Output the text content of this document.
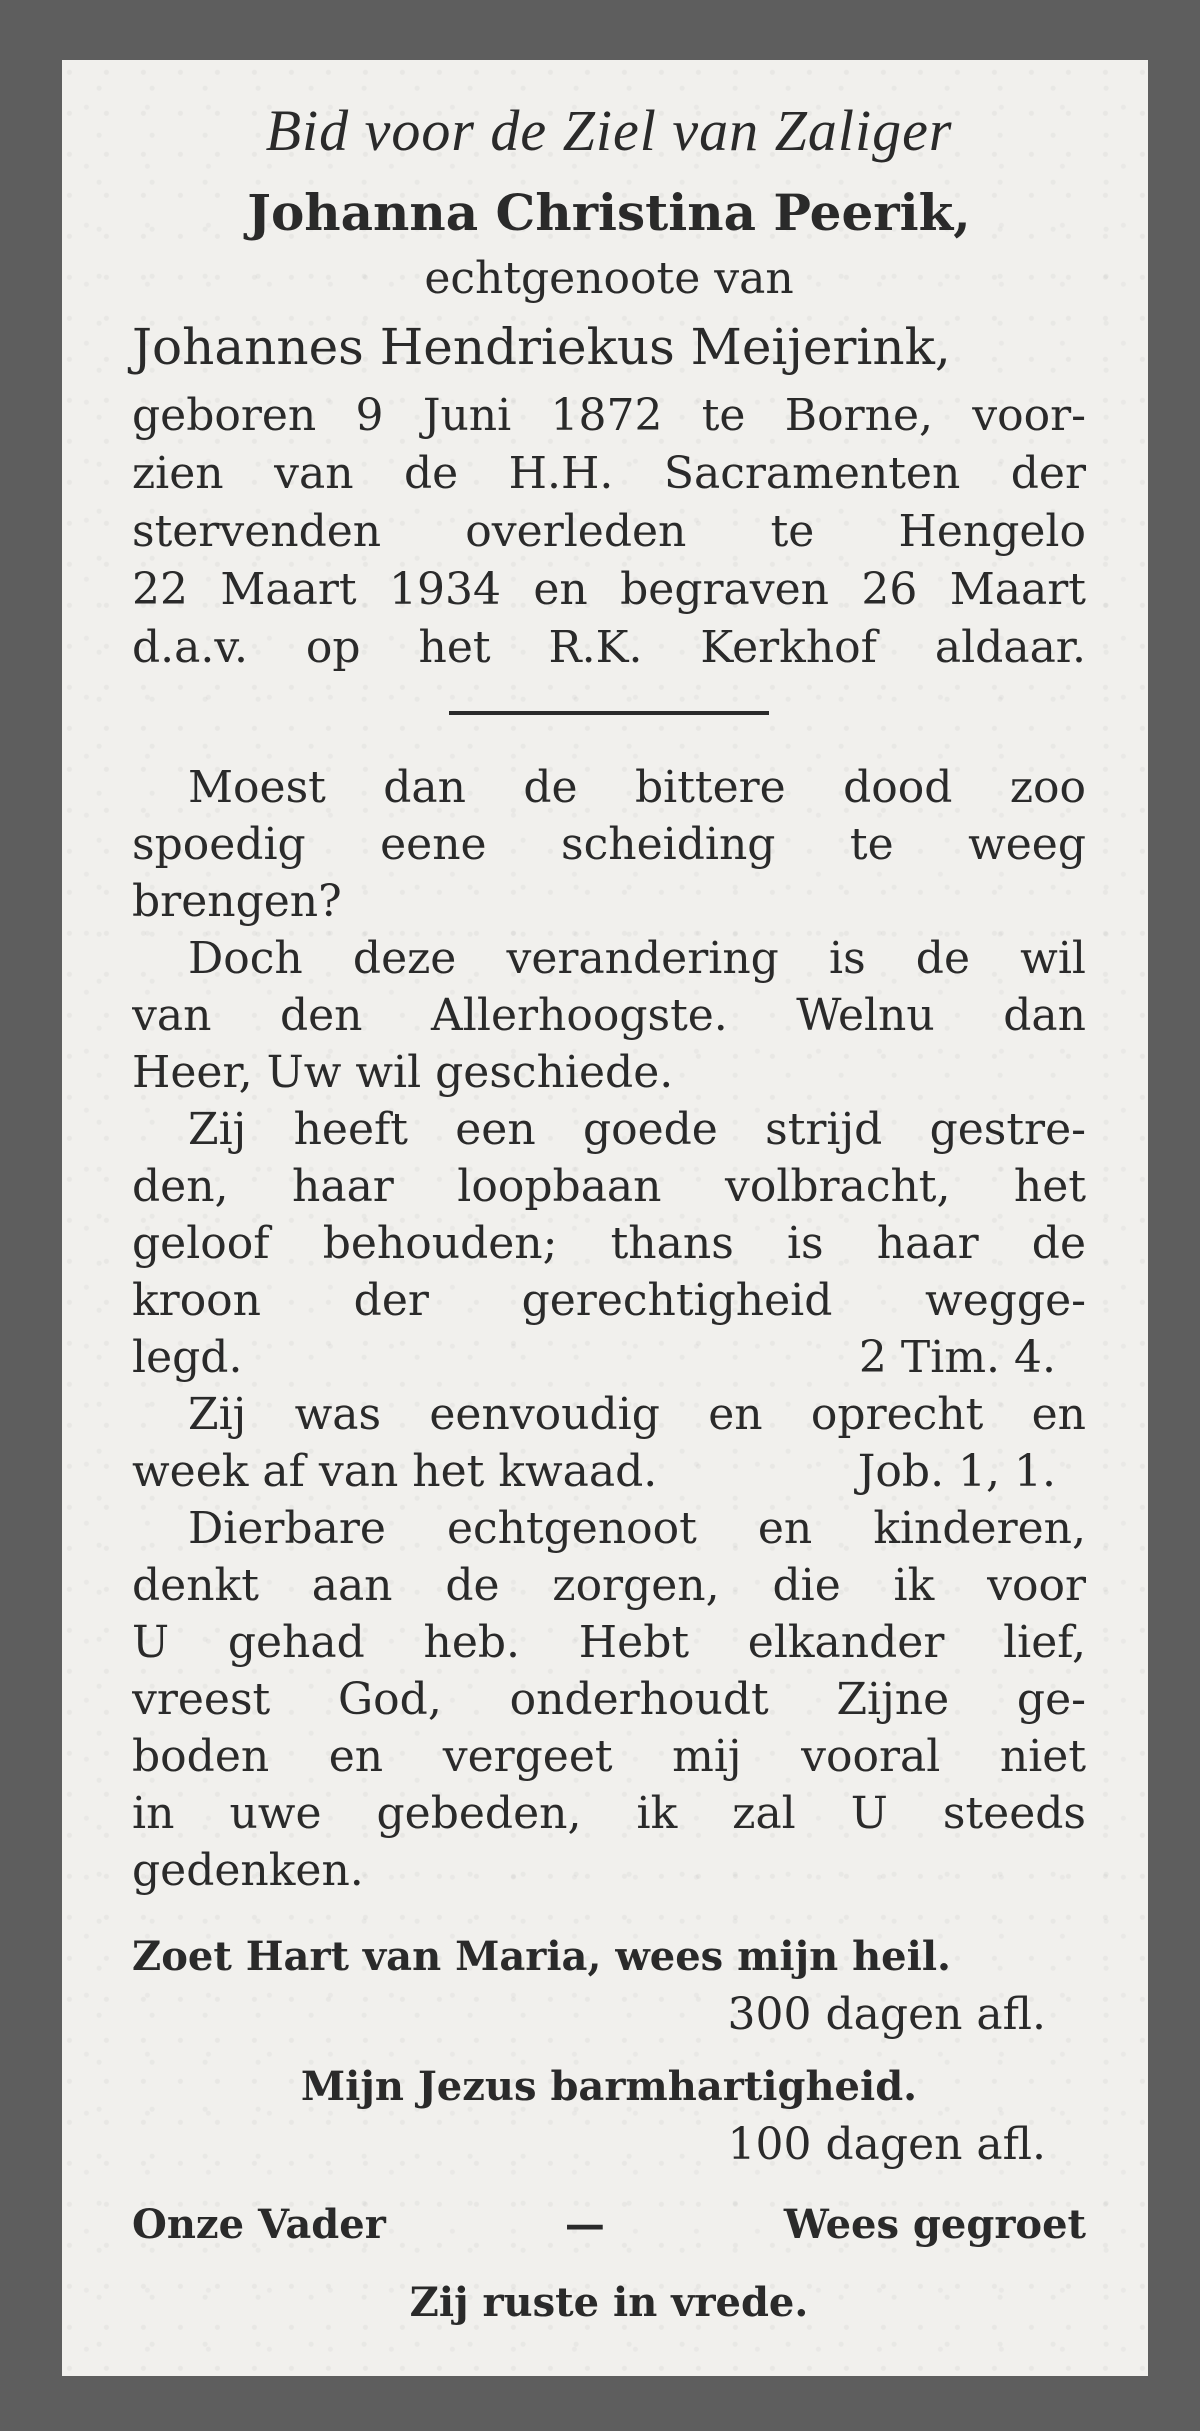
Bid voor de Ziel van Zaliger
Johanna Christina Peerik,
echtgenoote van
Johannes Hendriekus Meijerink,
geboren 9 Juni 1872 te Borne, voor-
zien van de H.H. Sacramenten der
stervenden overleden te Hengelo
22 Maart 1934 en begraven 26 Maart
d.a.v. op het R.K. Kerkhof aldaar.
Moest dan de bittere dood zoo
spoedig eene scheiding te weeg
brengen?
Doch deze verandering is de wil
van den Allerhoogste. Welnu dan
Heer, Uw wil geschiede.
Zij heeft een goede strijd gestre-
den, haar loopbaan volbracht, het
geloof behouden; thans is haar de
kroon der gerechtigheid wegge-
legd.	2 Tim. 4.
Zij was eenvoudig en oprecht en
week af van het kwaad.	Job. 1, 1.
Dierbare echtgenoot en kinderen,
denkt aan de zorgen, die ik voor
U gehad heb. Hebt elkander lief,
vreest God, onderhoudt Zijne ge-
boden en vergeet mij vooral niet
in uwe gebeden, ik zal U steeds
gedenken.
Zoet Hart van Maria, wees mijn heil.
300 dagen afl.
Mijn Jezus barmhartigheid.
100 dagen afl.
Onze Vader	—	Wees gegroet
Zij ruste in vrede.
